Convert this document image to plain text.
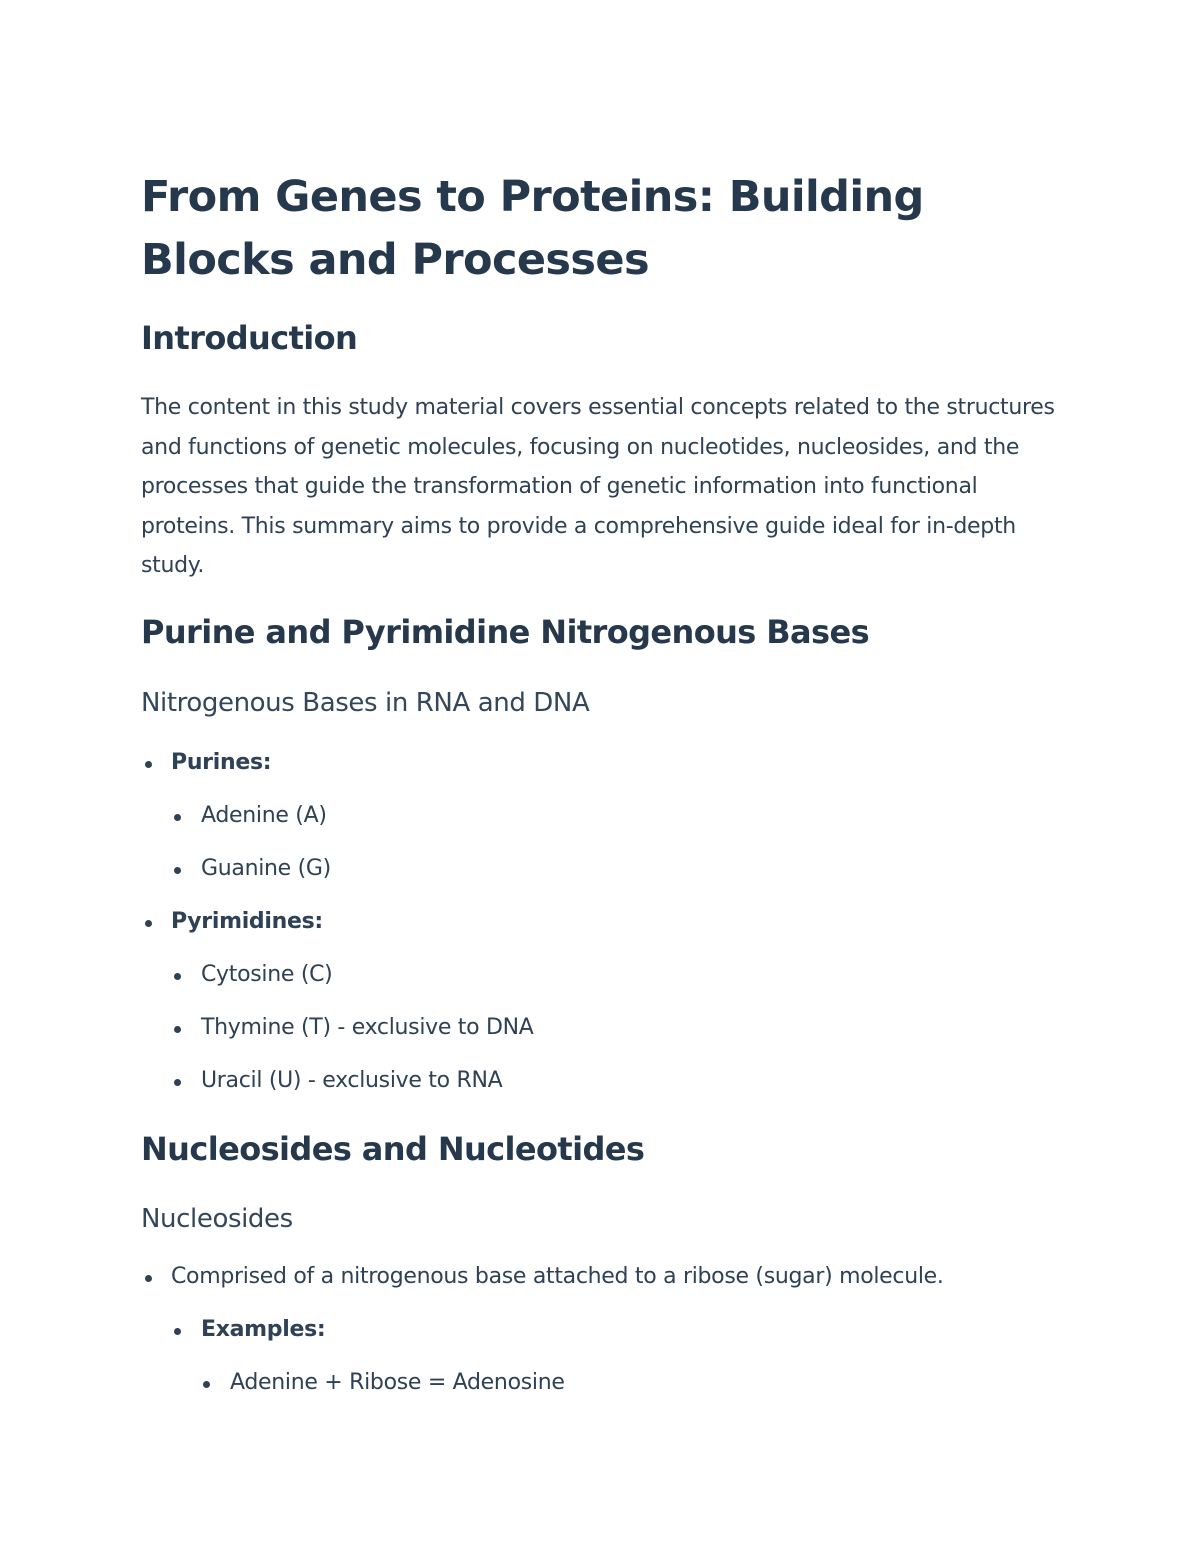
From Genes to Proteins: Building Blocks and Processes
Introduction

The content in this study material covers essential concepts related to the structures and functions of genetic molecules, focusing on nucleotides, nucleosides, and the processes that guide the transformation of genetic information into functional proteins. This summary aims to provide a comprehensive guide ideal for in-depth study.

Purine and Pyrimidine Nitrogenous Bases
Nitrogenous Bases in RNA and DNA
Purines:
Adenine (A)
Guanine (G)
Pyrimidines:
Cytosine (C)
Thymine (T) - exclusive to DNA
Uracil (U) - exclusive to RNA
Nucleosides and Nucleotides
Nucleosides
Comprised of a nitrogenous base attached to a ribose (sugar) molecule.
Examples:
Adenine + Ribose = Adenosine
